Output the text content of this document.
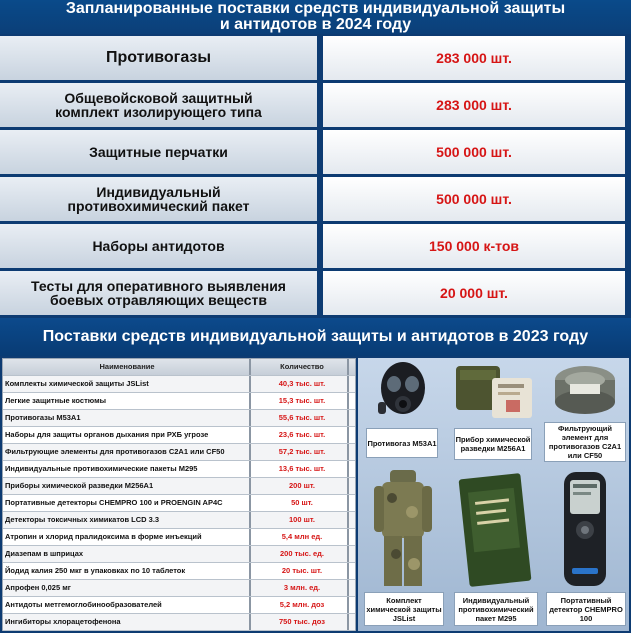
Запланированные поставки средств индивидуальной защиты
и антидотов в 2024 году
Противогазы	283 000 шт.
Общевойсковой защитный
комплект изолирующего типа	283 000 шт.
Защитные перчатки	500 000 шт.
Индивидуальный
противохимический пакет	500 000 шт.
Наборы антидотов	150 000 к-тов
Тесты для оперативного выявления
боевых отравляющих веществ	20 000 шт.
Поставки средств индивидуальной защиты и антидотов в 2023 году
Наименование	Количество
Комплекты химической защиты JSList	40,3 тыс. шт.
Легкие защитные костюмы	15,3 тыс. шт.
Противогазы M53A1	55,6 тыс. шт.
Наборы для защиты органов дыхания при РХБ угрозе	23,6 тыс. шт.
Фильтрующие элементы для противогазов C2A1 или CF50	57,2 тыс. шт.
Индивидуальные противохимические пакеты M295	13,6 тыс. шт.
Приборы химической разведки M256A1	200 шт.
Портативные детекторы CHEMPRO 100 и PROENGIN AP4C	50 шт.
Детекторы токсичных химикатов LCD 3.3	100 шт.
Атропин и хлорид пралидоксима в форме инъекций	5,4 млн ед.
Диазепам в шприцах	200 тыс. ед.
Йодид калия 250 мкг в упаковках по 10 таблеток	20 тыс. шт.
Апрофен 0,025 мг	3 млн. ед.
Антидоты метгемоглобинообразователей	5,2 млн. доз
Ингибиторы хлорацетофенона	750 тыс. доз
Противогаз M53A1	Прибор химической разведки M256A1
Фильтрующий элемент для противогазов C2A1 или CF50
Комплект химической защиты JSList
Индивидуальный противохимический пакет M295
Портативный детектор CHEMPRO 100
